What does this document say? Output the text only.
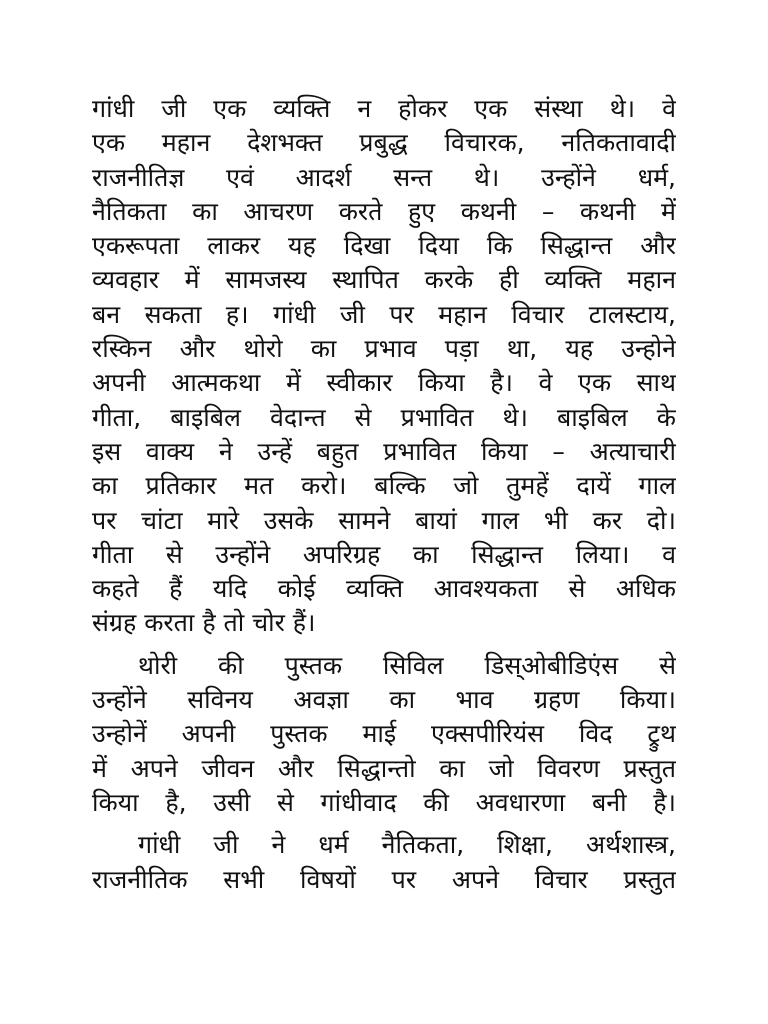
गांधी जी एक व्यक्ति न होकर एक संस्था थे। वे
एक महान देशभक्त प्रबुद्ध विचारक, नतिकतावादी
राजनीतिज्ञ एवं आदर्श सन्त थे। उन्होंने धर्म,
नैतिकता का आचरण करते हुए कथनी – कथनी में
एकरूपता लाकर यह दिखा दिया कि सिद्धान्त और
व्यवहार में सामजस्य स्थापित करके ही व्यक्ति महान
बन सकता ह। गांधी जी पर महान विचार टालस्टाय,
रस्किन और थोरो का प्रभाव पड़ा था, यह उन्होने
अपनी आत्मकथा में स्वीकार किया है। वे एक साथ
गीता, बाइबिल वेदान्त से प्रभावित थे। बाइबिल के
इस वाक्य ने उन्हें बहुत प्रभावित किया – अत्याचारी
का प्रतिकार मत करो। बल्कि जो तुमहें दायें गाल
पर चांटा मारे उसके सामने बायां गाल भी कर दो।
गीता से उन्होंने अपरिग्रह का सिद्धान्त लिया। व
कहते हैं यदि कोई व्यक्ति आवश्यकता से अधिक
संग्रह करता है तो चोर हैं।
थोरी की पुस्तक सिविल डिस्ओबीडिएंस से
उन्होंने सविनय अवज्ञा का भाव ग्रहण किया।
उन्होनें अपनी पुस्तक माई एक्सपीरियंस विद ट्रुथ
में अपने जीवन और सिद्धान्तो का जो विवरण प्रस्तुत
किया है, उसी से गांधीवाद की अवधारणा बनी है।
गांधी जी ने धर्म नैतिकता, शिक्षा, अर्थशास्त्र,
राजनीतिक सभी विषयों पर अपने विचार प्रस्तुत
